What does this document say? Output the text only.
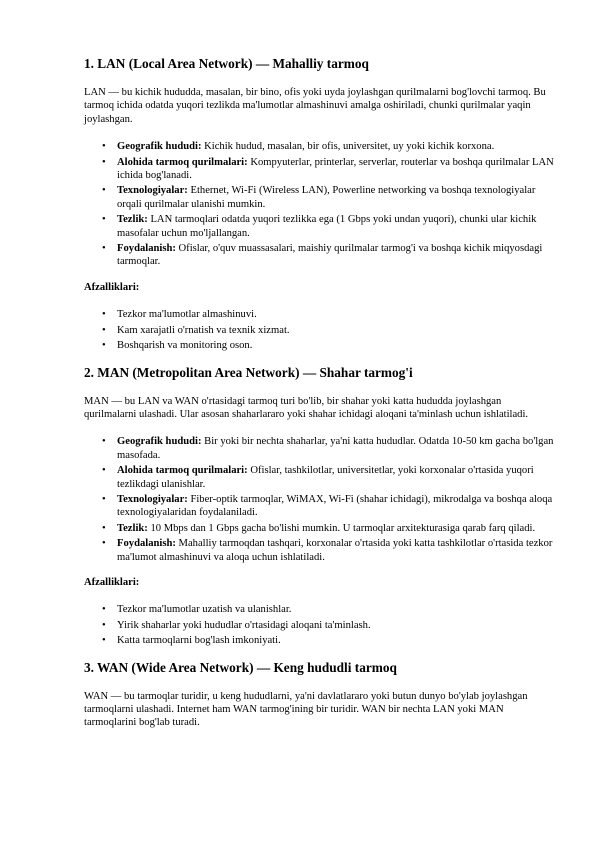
1. LAN (Local Area Network) — Mahalliy tarmoq

LAN — bu kichik hududda, masalan, bir bino, ofis yoki uyda joylashgan qurilmalarni bog'lovchi tarmoq. Bu tarmoq ichida odatda yuqori tezlikda ma'lumotlar almashinuvi amalga oshiriladi, chunki qurilmalar yaqin joylashgan.

• Geografik hududi: Kichik hudud, masalan, bir ofis, universitet, uy yoki kichik korxona.
• Alohida tarmoq qurilmalari: Kompyuterlar, printerlar, serverlar, routerlar va boshqa qurilmalar LAN ichida bog'lanadi.
• Texnologiyalar: Ethernet, Wi-Fi (Wireless LAN), Powerline networking va boshqa texnologiyalar orqali qurilmalar ulanishi mumkin.
• Tezlik: LAN tarmoqlari odatda yuqori tezlikka ega (1 Gbps yoki undan yuqori), chunki ular kichik masofalar uchun mo'ljallangan.
• Foydalanish: Ofislar, o'quv muassasalari, maishiy qurilmalar tarmog'i va boshqa kichik miqyosdagi tarmoqlar.
Afzalliklari:
• Tezkor ma'lumotlar almashinuvi.
• Kam xarajatli o'rnatish va texnik xizmat.
• Boshqarish va monitoring oson.
2. MAN (Metropolitan Area Network) — Shahar tarmog'i

MAN — bu LAN va WAN o'rtasidagi tarmoq turi bo'lib, bir shahar yoki katta hududda joylashgan qurilmalarni ulashadi. Ular asosan shaharlararo yoki shahar ichidagi aloqani ta'minlash uchun ishlatiladi.

• Geografik hududi: Bir yoki bir nechta shaharlar, ya'ni katta hududlar. Odatda 10-50 km gacha bo'lgan masofada.
• Alohida tarmoq qurilmalari: Ofislar, tashkilotlar, universitetlar, yoki korxonalar o'rtasida yuqori tezlikdagi ulanishlar.
• Texnologiyalar: Fiber-optik tarmoqlar, WiMAX, Wi-Fi (shahar ichidagi), mikrodalga va boshqa aloqa texnologiyalaridan foydalaniladi.
• Tezlik: 10 Mbps dan 1 Gbps gacha bo'lishi mumkin. U tarmoqlar arxitekturasiga qarab farq qiladi.
• Foydalanish: Mahalliy tarmoqdan tashqari, korxonalar o'rtasida yoki katta tashkilotlar o'rtasida tezkor ma'lumot almashinuvi va aloqa uchun ishlatiladi.
Afzalliklari:
• Tezkor ma'lumotlar uzatish va ulanishlar.
• Yirik shaharlar yoki hududlar o'rtasidagi aloqani ta'minlash.
• Katta tarmoqlarni bog'lash imkoniyati.
3. WAN (Wide Area Network) — Keng hududli tarmoq

WAN — bu tarmoqlar turidir, u keng hududlarni, ya'ni davlatlararo yoki butun dunyo bo'ylab joylashgan tarmoqlarni ulashadi. Internet ham WAN tarmog'ining bir turidir. WAN bir nechta LAN yoki MAN tarmoqlarini bog'lab turadi.
